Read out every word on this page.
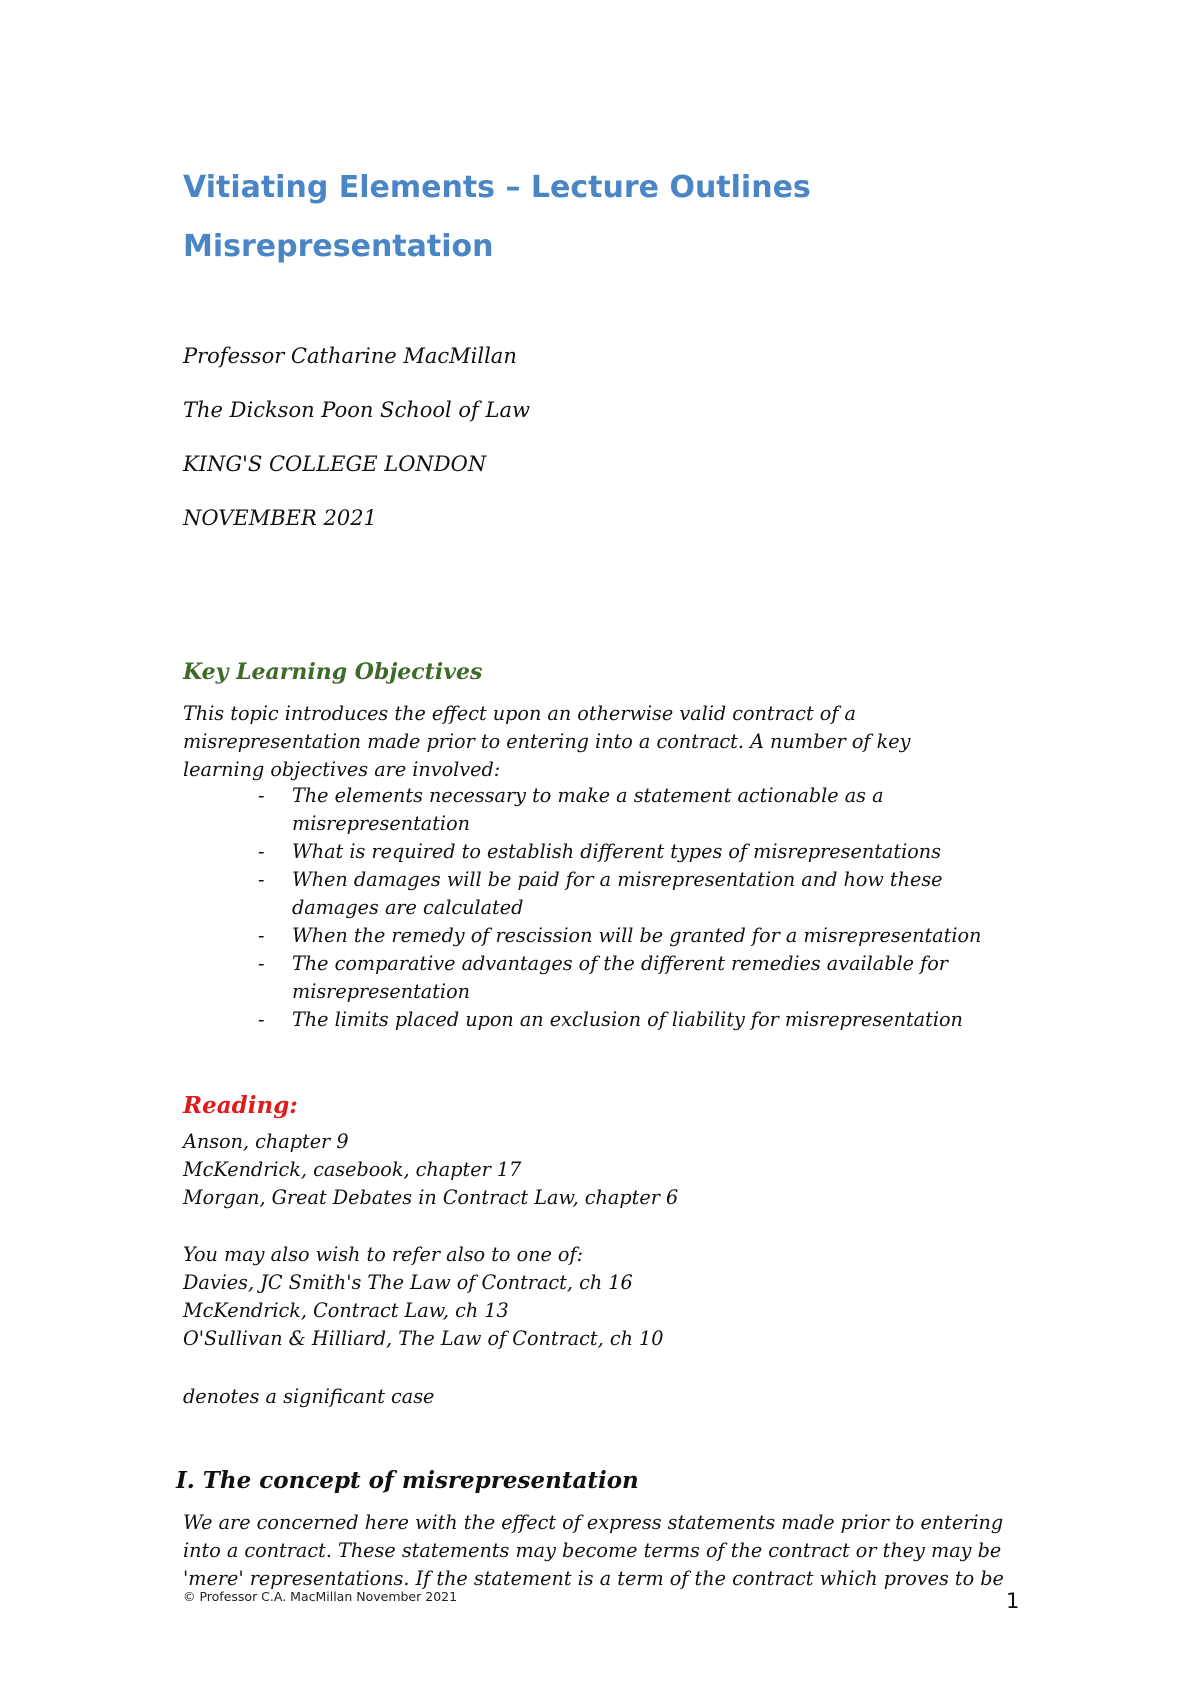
Vitiating Elements – Lecture Outlines
Misrepresentation
Professor Catharine MacMillan
The Dickson Poon School of Law
KING'S COLLEGE LONDON
NOVEMBER 2021
Key Learning Objectives
This topic introduces the effect upon an otherwise valid contract of a
misrepresentation made prior to entering into a contract. A number of key
learning objectives are involved:
- The elements necessary to make a statement actionable as a
misrepresentation
- What is required to establish different types of misrepresentations
- When damages will be paid for a misrepresentation and how these
damages are calculated
- When the remedy of rescission will be granted for a misrepresentation
- The comparative advantages of the different remedies available for
misrepresentation
- The limits placed upon an exclusion of liability for misrepresentation
Reading:
Anson, chapter 9
McKendrick, casebook, chapter 17
Morgan, Great Debates in Contract Law, chapter 6
You may also wish to refer also to one of:
Davies, JC Smith's The Law of Contract, ch 16
McKendrick, Contract Law, ch 13
O'Sullivan & Hilliard, The Law of Contract, ch 10
denotes a significant case
I. The concept of misrepresentation
We are concerned here with the effect of express statements made prior to entering
into a contract. These statements may become terms of the contract or they may be
'mere' representations. If the statement is a term of the contract which proves to be
© Professor C.A. MacMillan November 2021	1
